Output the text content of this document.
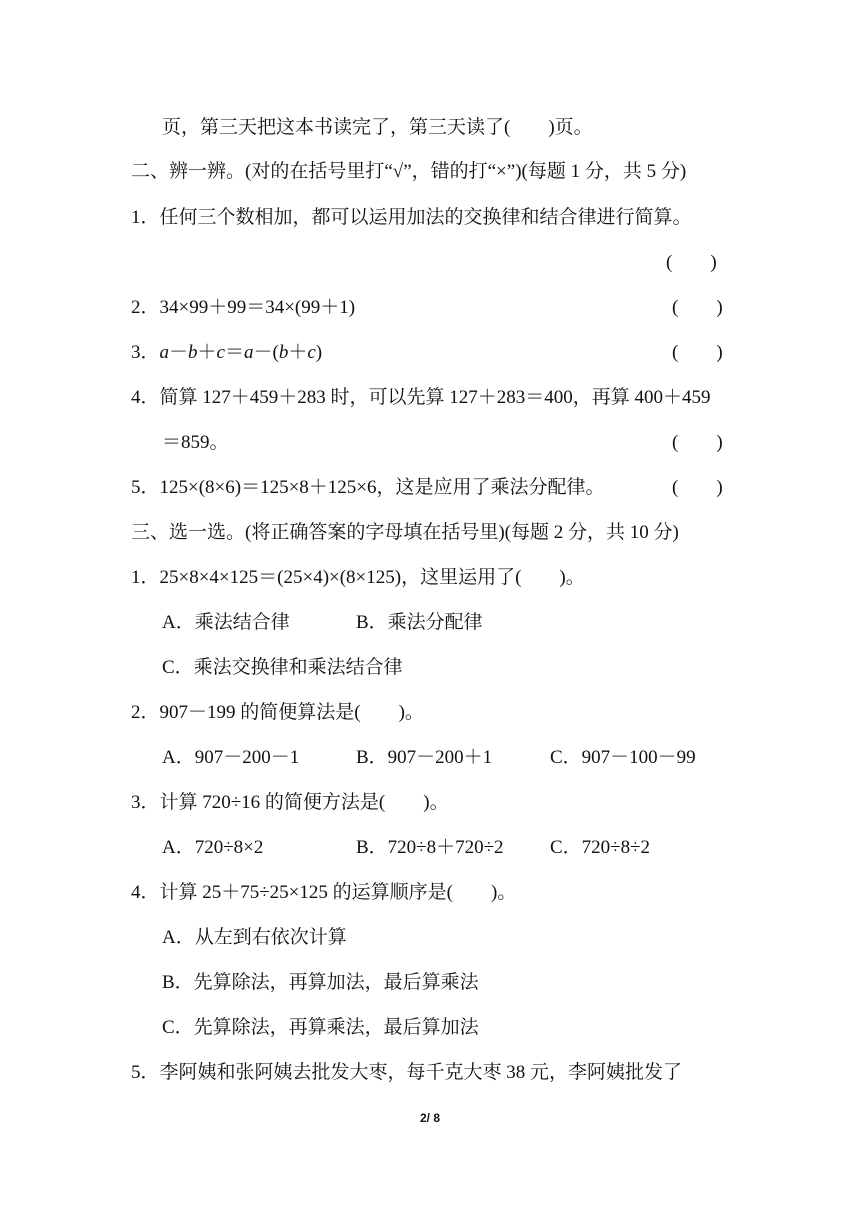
页，第三天把这本书读完了，第三天读了(　　)页。
二、辨一辨。(对的在括号里打“√”，错的打“×”)(每题 1 分，共 5 分)
1．任何三个数相加，都可以运用加法的交换律和结合律进行简算。
(　　)
2．34×99＋99＝34×(99＋1)	(　　)
3．a－b＋c＝a－(b＋c)	(　　)
4．简算 127＋459＋283 时，可以先算 127＋283＝400，再算 400＋459
＝859。	(　　)
5．125×(8×6)＝125×8＋125×6，这是应用了乘法分配律。	(　　)
三、选一选。(将正确答案的字母填在括号里)(每题 2 分，共 10 分)
1．25×8×4×125＝(25×4)×(8×125)，这里运用了(　　)。
A．乘法结合律	B．乘法分配律
C．乘法交换律和乘法结合律
2．907－199 的简便算法是(　　)。
A．907－200－1	B．907－200＋1	C．907－100－99
3．计算 720÷16 的简便方法是(　　)。
A．720÷8×2	B．720÷8＋720÷2 C．720÷8÷2
4．计算 25＋75÷25×125 的运算顺序是(　　)。
A．从左到右依次计算
B．先算除法，再算加法，最后算乘法
C．先算除法，再算乘法，最后算加法
5．李阿姨和张阿姨去批发大枣，每千克大枣 38 元，李阿姨批发了
2/ 8
